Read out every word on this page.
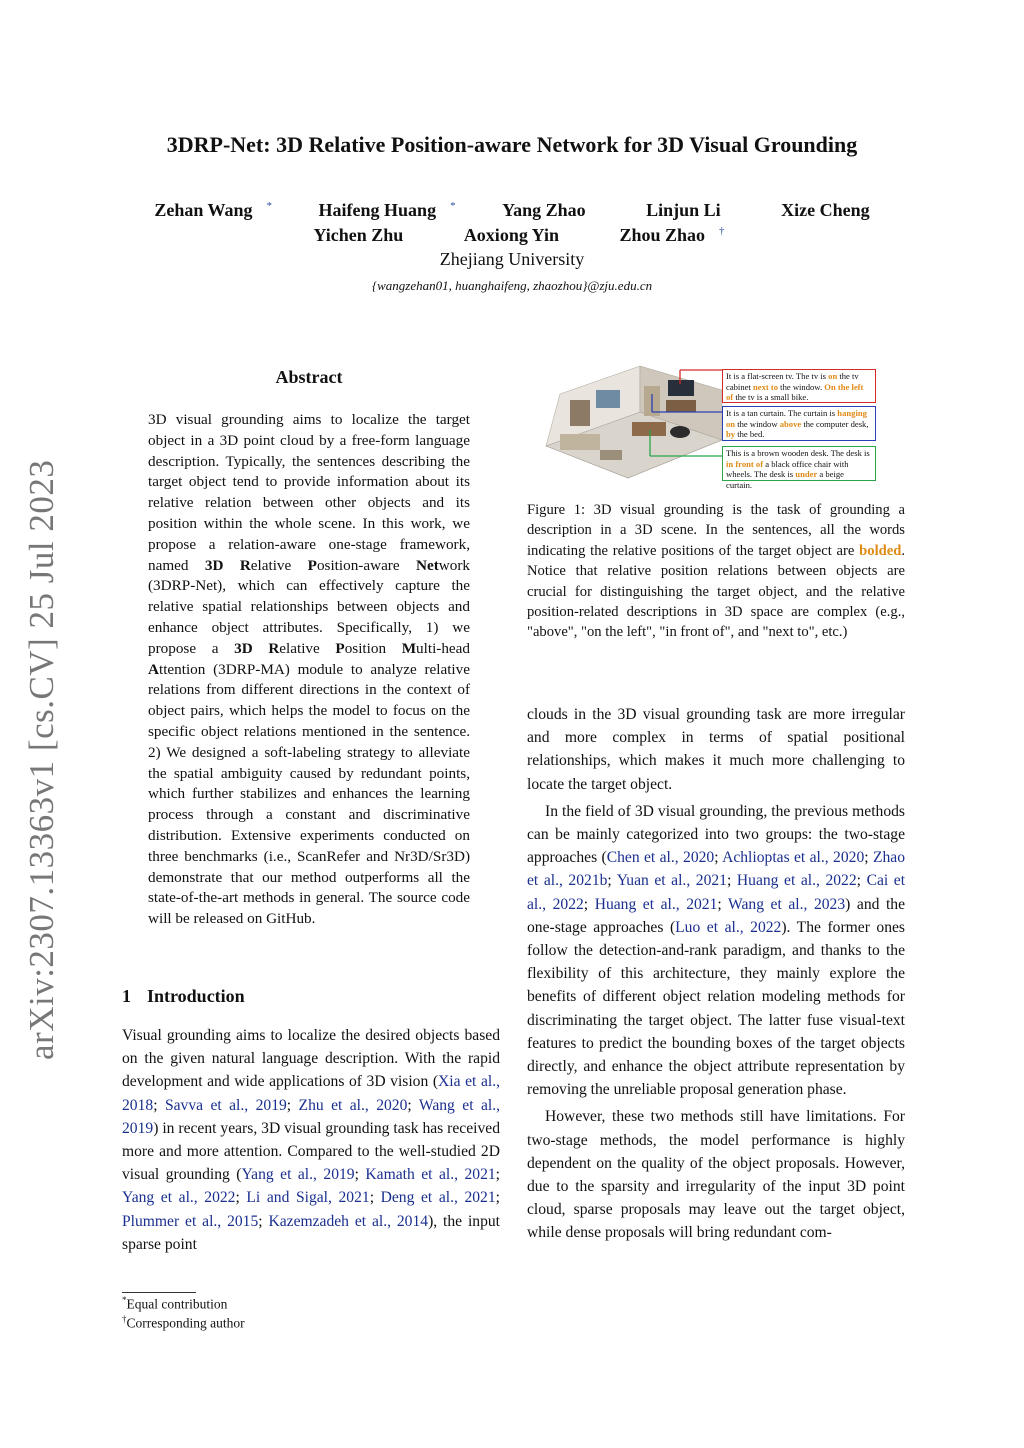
3DRP-Net: 3D Relative Position-aware Network for 3D Visual Grounding
Zehan Wang *	Haifeng Huang *	Yang Zhao	Linjun Li	Xize Cheng
Yichen Zhu	Aoxiong Yin	Zhou Zhao †
Zhejiang University
{wangzehan01, huanghaifeng, zhaozhou}@zju.edu.cn
arXiv:2307.13363v1 [cs.CV] 25 Jul 2023
Abstract
3D visual grounding aims to localize the target object in a 3D point cloud by a free-form language description. Typically, the sentences describing the target object tend to provide information about its relative relation between other objects and its position within the whole scene. In this work, we propose a relation-aware one-stage framework, named 3D Relative Position-aware Network (3DRP-Net), which can effectively capture the relative spatial relationships between objects and enhance object attributes. Specifically, 1) we propose a 3D Relative Position Multi-head Attention (3DRP-MA) module to analyze relative relations from different directions in the context of object pairs, which helps the model to focus on the specific object relations mentioned in the sentence. 2) We designed a soft-labeling strategy to alleviate the spatial ambiguity caused by redundant points, which further stabilizes and enhances the learning process through a constant and discriminative distribution. Extensive experiments conducted on three benchmarks (i.e., ScanRefer and Nr3D/Sr3D) demonstrate that our method outperforms all the state-of-the-art methods in general. The source code will be released on GitHub.
1 Introduction
Visual grounding aims to localize the desired objects based on the given natural language description. With the rapid development and wide applications of 3D vision (Xia et al., 2018; Savva et al., 2019; Zhu et al., 2020; Wang et al., 2019) in recent years, 3D visual grounding task has received more and more attention. Compared to the well-studied 2D visual grounding (Yang et al., 2019; Kamath et al., 2021; Yang et al., 2022; Li and Sigal, 2021; Deng et al., 2021; Plummer et al., 2015; Kazemzadeh et al., 2014), the input sparse point
*Equal contribution
†Corresponding author
It is a flat-screen tv. The tv is on the tv cabinet next to the window. On the left of the tv is a small bike.
It is a tan curtain. The curtain is hanging on the window above the computer desk, by the bed.
This is a brown wooden desk. The desk is in front of a black office chair with wheels. The desk is under a beige curtain.
Figure 1: 3D visual grounding is the task of grounding a description in a 3D scene. In the sentences, all the words indicating the relative positions of the target object are bolded. Notice that relative position relations between objects are crucial for distinguishing the target object, and the relative position-related descriptions in 3D space are complex (e.g., "above", "on the left", "in front of", and "next to", etc.)

clouds in the 3D visual grounding task are more irregular and more complex in terms of spatial positional relationships, which makes it much more challenging to locate the target object.

In the field of 3D visual grounding, the previous methods can be mainly categorized into two groups: the two-stage approaches (Chen et al., 2020; Achlioptas et al., 2020; Zhao et al., 2021b; Yuan et al., 2021; Huang et al., 2022; Cai et al., 2022; Huang et al., 2021; Wang et al., 2023) and the one-stage approaches (Luo et al., 2022). The former ones follow the detection-and-rank paradigm, and thanks to the flexibility of this architecture, they mainly explore the benefits of different object relation modeling methods for discriminating the target object. The latter fuse visual-text features to predict the bounding boxes of the target objects directly, and enhance the object attribute representation by removing the unreliable proposal generation phase.

However, these two methods still have limitations. For two-stage methods, the model performance is highly dependent on the quality of the object proposals. However, due to the sparsity and irregularity of the input 3D point cloud, sparse proposals may leave out the target object, while dense proposals will bring redundant com-
